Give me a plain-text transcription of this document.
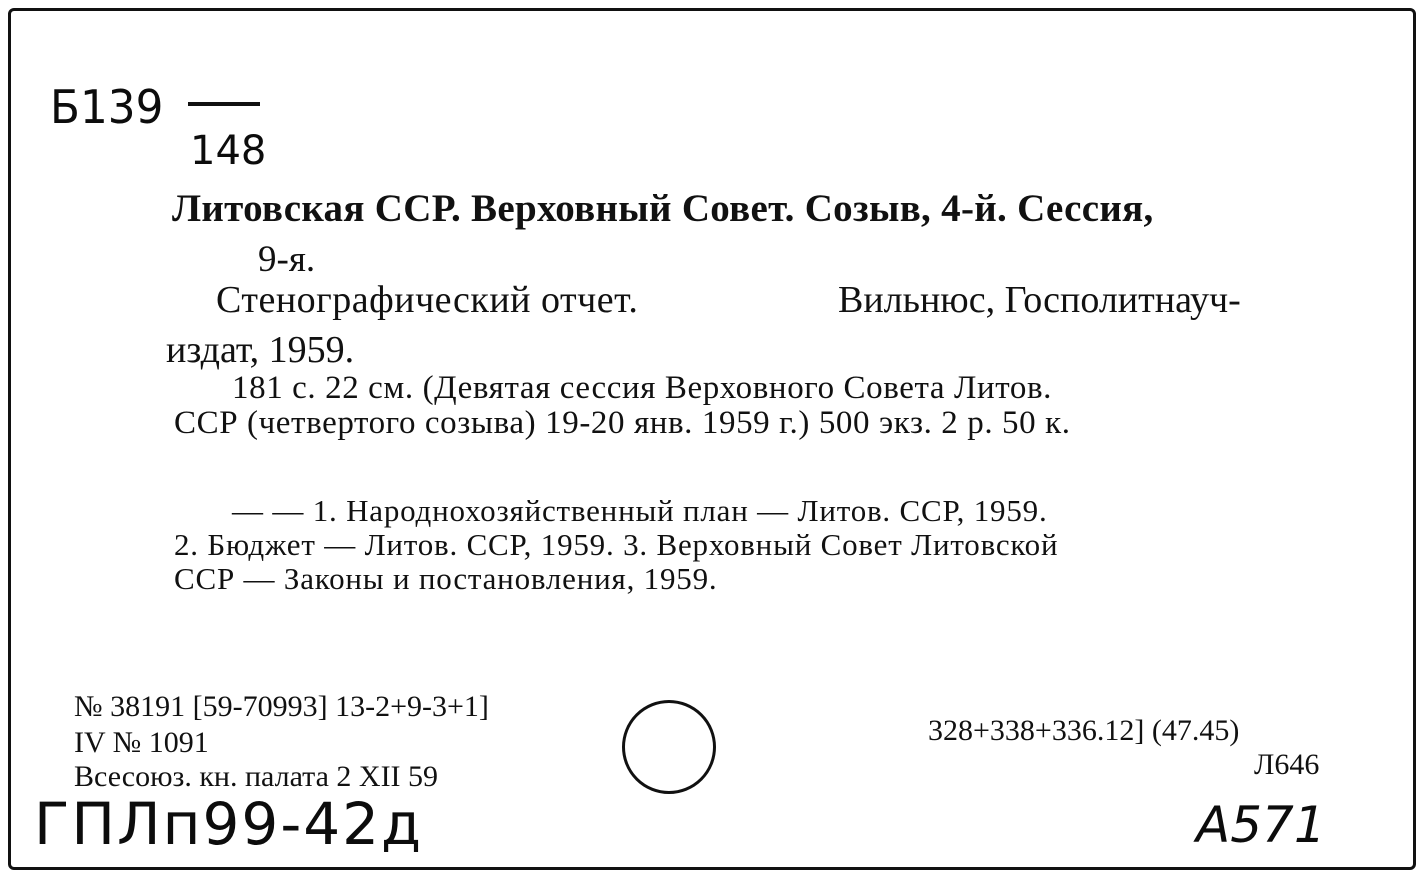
Б139
148
Литовская ССР. Верховный Совет. Созыв, 4-й. Сессия,
9-я.
Стенографический отчет.	Вильнюс, Госполитнауч-
издат, 1959.
181 с. 22 см. (Девятая сессия Верховного Совета Литов.
ССР (четвертого созыва) 19-20 янв. 1959 г.) 500 экз. 2 р. 50 к.
— — 1. Народнохозяйственный план — Литов. ССР, 1959.
2. Бюджет — Литов. ССР, 1959. 3. Верховный Совет Литовской
ССР — Законы и постановления, 1959.
№ 38191 [59-70993] 13-2+9-3+1]
IV № 1091
Всесоюз. кн. палата 2 XII 59
328+338+336.12] (47.45)
Л646
ГПЛп99-42д	А571
